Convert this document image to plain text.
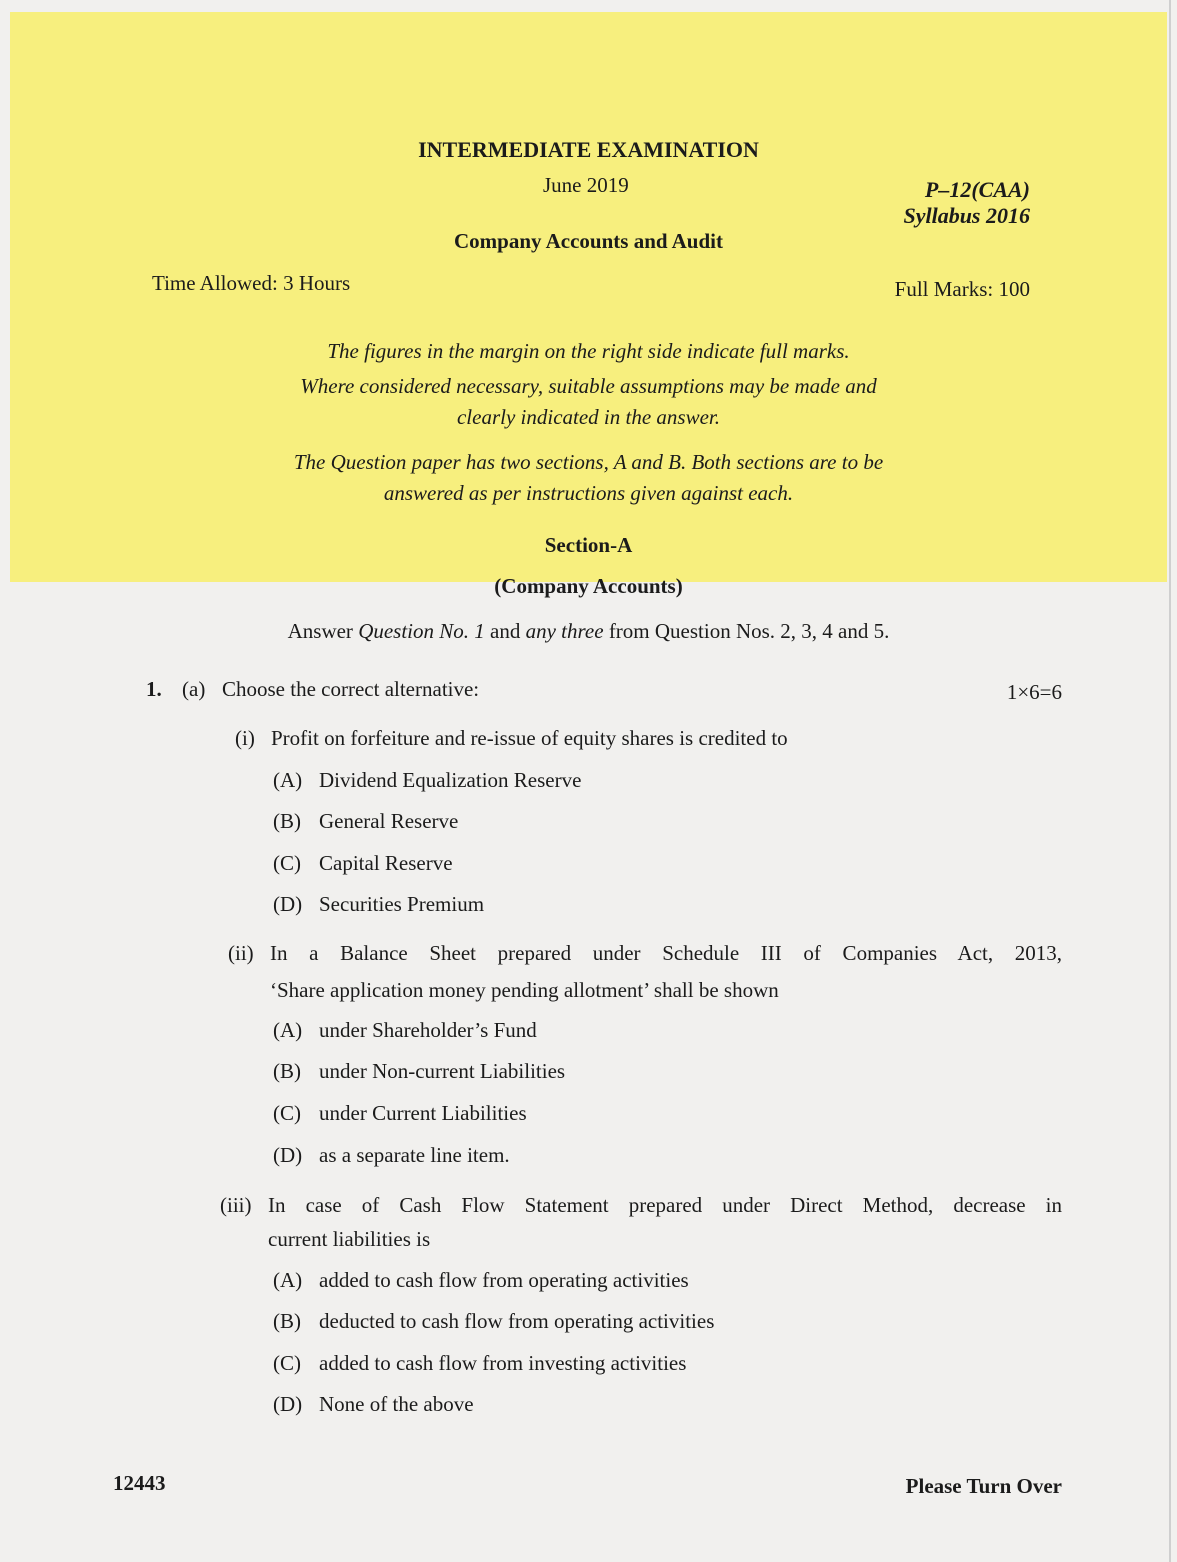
INTERMEDIATE EXAMINATION
June 2019	P–12(CAA)
Syllabus 2016
Company Accounts and Audit
Time Allowed: 3 Hours	Full Marks: 100
The figures in the margin on the right side indicate full marks.
Where considered necessary, suitable assumptions may be made and
clearly indicated in the answer.
The Question paper has two sections, A and B. Both sections are to be
answered as per instructions given against each.
Section-A
(Company Accounts)
Answer Question No. 1 and any three from Question Nos. 2, 3, 4 and 5.
1. (a) Choose the correct alternative:	1×6=6
(i) Profit on forfeiture and re-issue of equity shares is credited to
(A) Dividend Equalization Reserve
(B) General Reserve
(C) Capital Reserve
(D) Securities Premium
(ii) In a Balance Sheet prepared under Schedule III of Companies Act, 2013,
‘Share application money pending allotment’ shall be shown
(A) under Shareholder’s Fund
(B) under Non-current Liabilities
(C) under Current Liabilities
(D) as a separate line item.
(iii) In case of Cash Flow Statement prepared under Direct Method, decrease in
current liabilities is
(A) added to cash flow from operating activities
(B) deducted to cash flow from operating activities
(C) added to cash flow from investing activities
(D) None of the above
12443	Please Turn Over
